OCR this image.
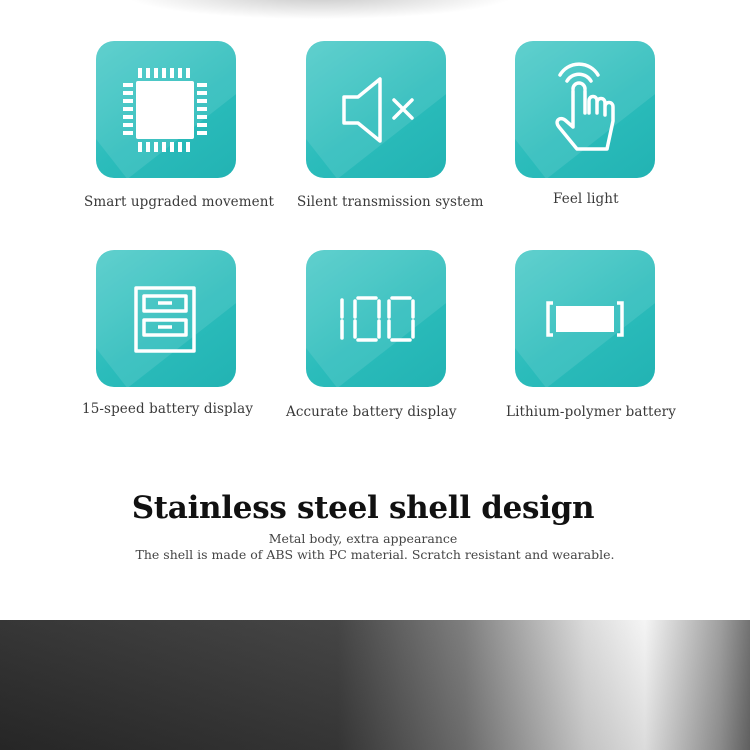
Smart upgraded movement Silent transmission system	Feel light
15-speed battery display Accurate battery display	Lithium-polymer battery
Stainless steel shell design
Metal body, extra appearance
The shell is made of ABS with PC material. Scratch resistant and wearable.
